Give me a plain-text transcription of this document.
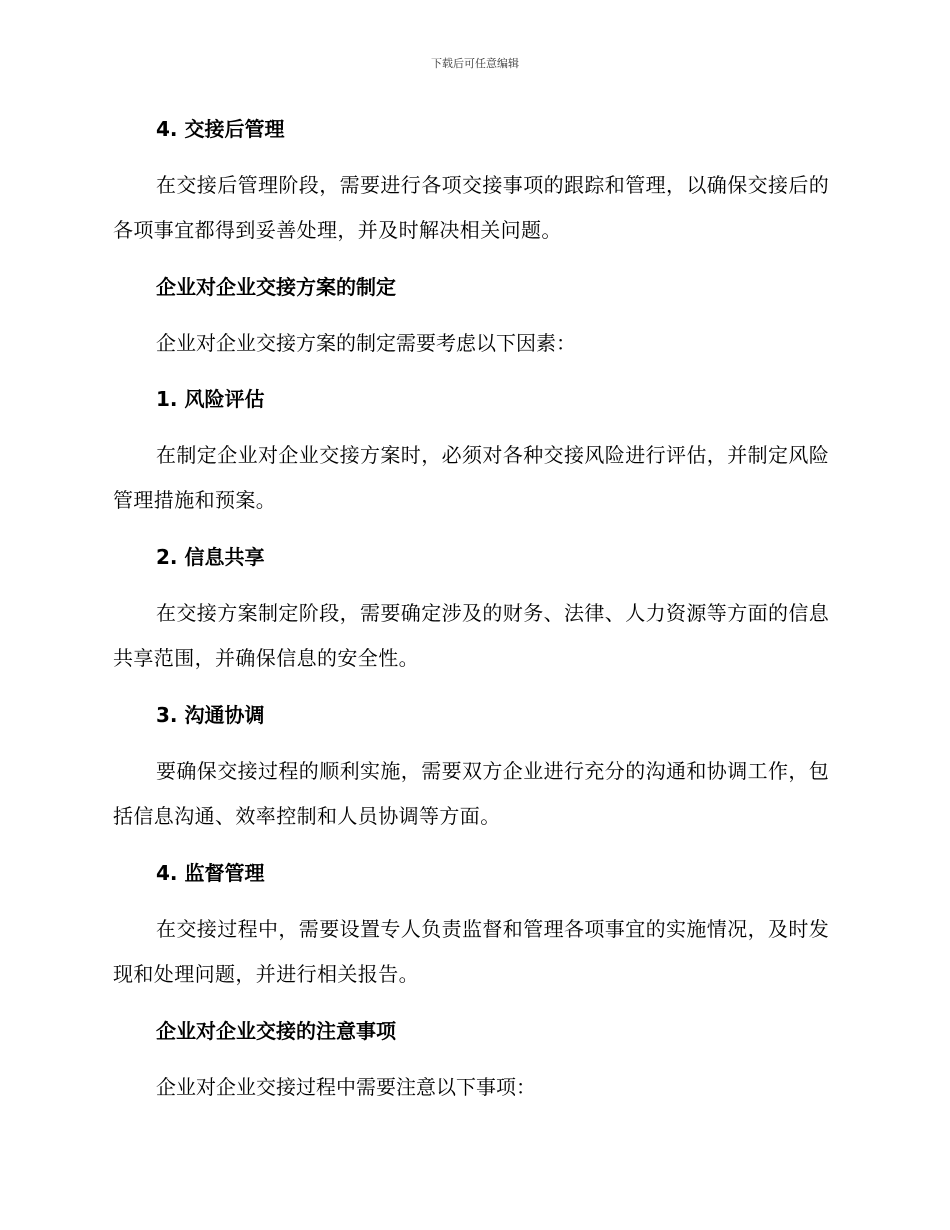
下载后可任意编辑
4. 交接后管理
在交接后管理阶段，需要进行各项交接事项的跟踪和管理，以确保交接后的各项事宜都得到妥善处理，并及时解决相关问题。
企业对企业交接方案的制定
企业对企业交接方案的制定需要考虑以下因素：
1. 风险评估
在制定企业对企业交接方案时，必须对各种交接风险进行评估，并制定风险管理措施和预案。
2. 信息共享
在交接方案制定阶段，需要确定涉及的财务、法律、人力资源等方面的信息共享范围，并确保信息的安全性。
3. 沟通协调
要确保交接过程的顺利实施，需要双方企业进行充分的沟通和协调工作，包括信息沟通、效率控制和人员协调等方面。
4. 监督管理
在交接过程中，需要设置专人负责监督和管理各项事宜的实施情况，及时发现和处理问题，并进行相关报告。
企业对企业交接的注意事项
企业对企业交接过程中需要注意以下事项：
